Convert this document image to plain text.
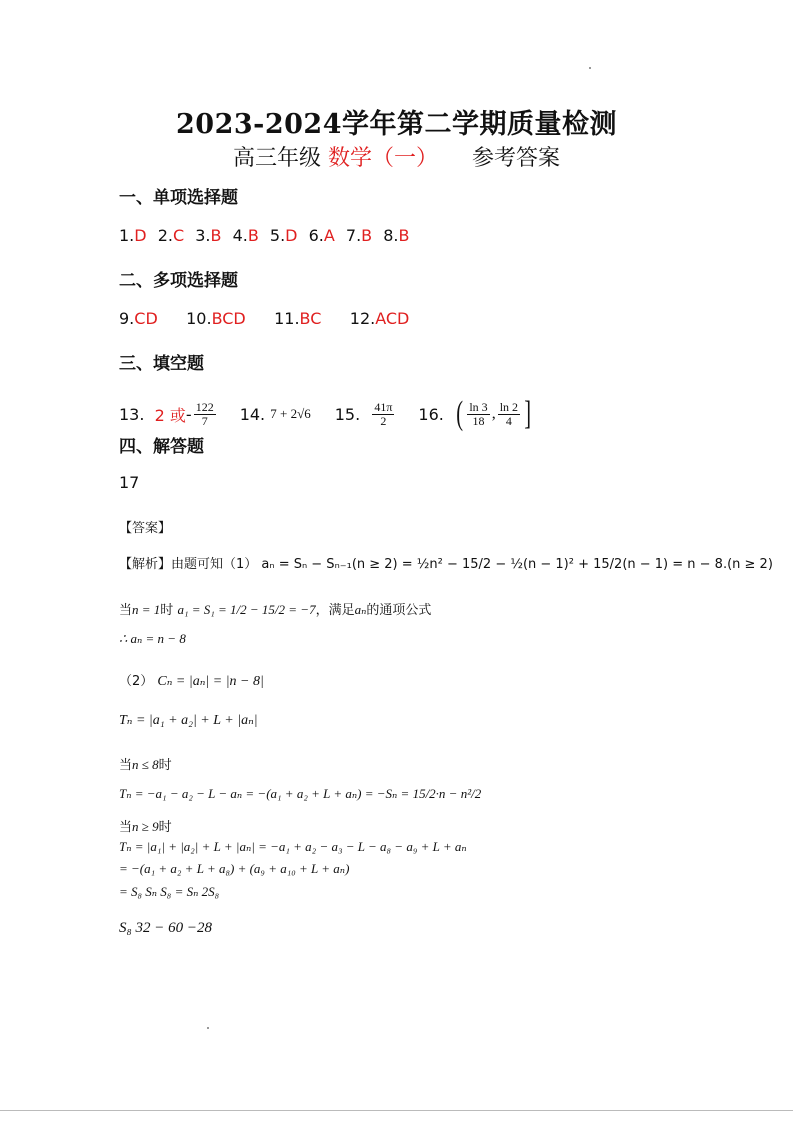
2023-2024学年第二学期质量检测
高三年级 数学（一） 参考答案
一、单项选择题
1.D 2.C 3.B 4.B 5.D 6.A 7.B 8.B
二、多项选择题
9.CD 10.BCD 11.BC 12.ACD
三、填空题
13.
2 或 - $\frac{122}{7} 14$.
7 + 2√6 15.
$\frac{41\pi}{2} 16$.
( $\frac{\ln 3}{18}$ , $\frac{\ln 2}{4}$ ]
四、解答题
17
【答案】
【解析】由题可知（1） aₙ = Sₙ − Sₙ₋₁(n ≥ 2) = ½n² − 15/2 − ½(n − 1)² + 15/2(n − 1) = n − 8.(n ≥ 2)
当n = 1时 a₁ = S₁ = 1/2 − 15/2 = −7，满足aₙ的通项公式
∴ aₙ = n − 8
（2） Cₙ = |aₙ| = |n − 8|
Tₙ = |a₁ + a₂| + L + |aₙ|
当n ≤ 8时
Tₙ = −a₁ − a₂ − L − aₙ = −(a₁ + a₂ + L + aₙ) = −Sₙ = 15/2·n − n²/2
当n ≥ 9时
Tₙ = |a₁| + |a₂| + L + |aₙ| = −a₁ + a₂ − a₃ − L − a₈ − a₉ + L + aₙ
= −(a₁ + a₂ + L + a₈) + (a₉ + a₁₀ + L + aₙ)
= S₈ Sₙ S₈ = Sₙ 2S₈
S₈ 32 − 60 −28
